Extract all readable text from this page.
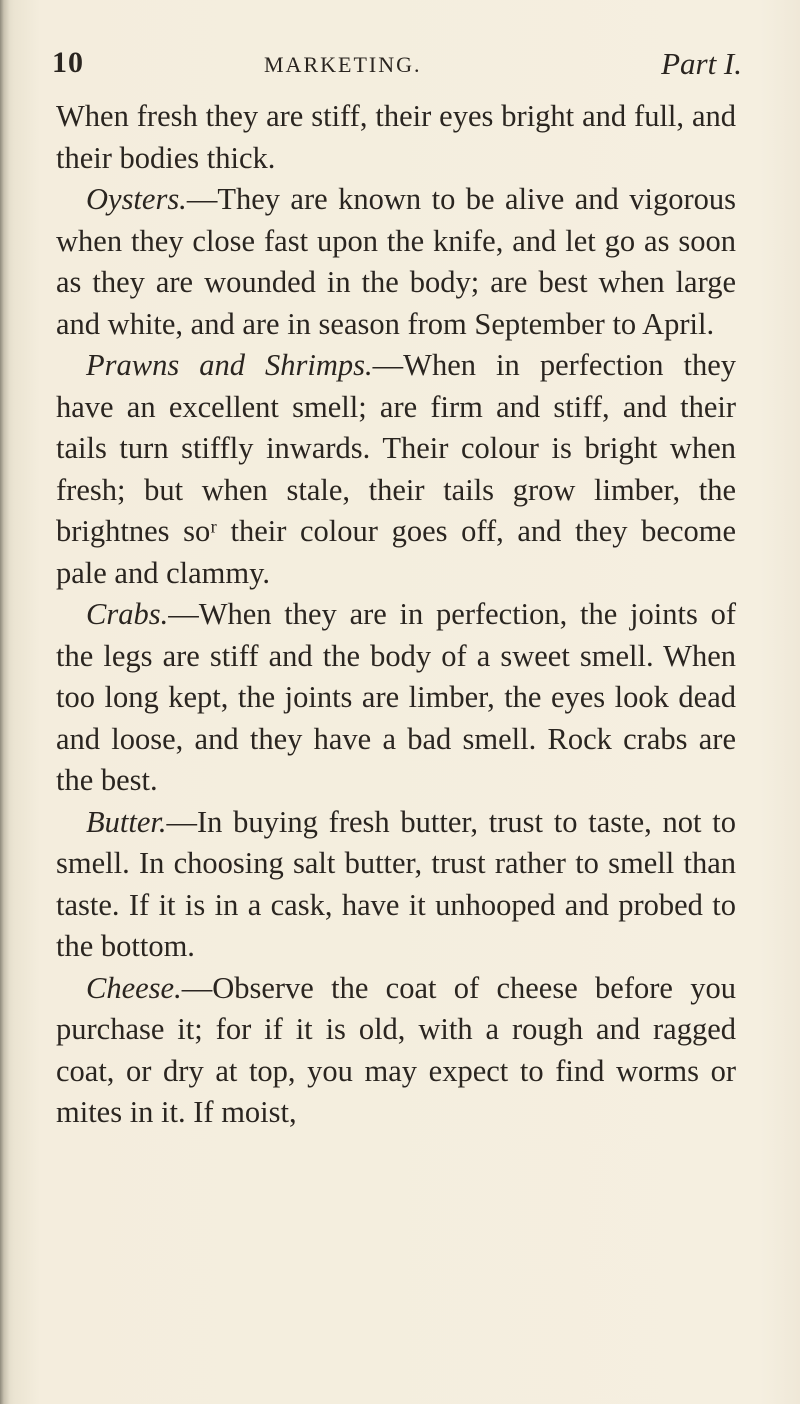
10	MARKETING.	Part I.

When fresh they are stiff, their eyes bright and full, and their bodies thick.

Oysters.—They are known to be alive and vigorous when they close fast upon the knife, and let go as soon as they are wounded in the body; are best when large and white, and are in season from September to April.

Prawns and Shrimps.—When in perfection they have an excellent smell; are firm and stiff, and their tails turn stiffly inwards. Their colour is bright when fresh; but when stale, their tails grow limber, the brightnes soʳ their colour goes off, and they become pale and clammy.

Crabs.—When they are in perfection, the joints of the legs are stiff and the body of a sweet smell. When too long kept, the joints are limber, the eyes look dead and loose, and they have a bad smell. Rock crabs are the best.

Butter.—In buying fresh butter, trust to taste, not to smell. In choosing salt butter, trust rather to smell than taste. If it is in a cask, have it unhooped and probed to the bottom.

Cheese.—Observe the coat of cheese before you purchase it; for if it is old, with a rough and ragged coat, or dry at top, you may expect to find worms or mites in it. If moist,
